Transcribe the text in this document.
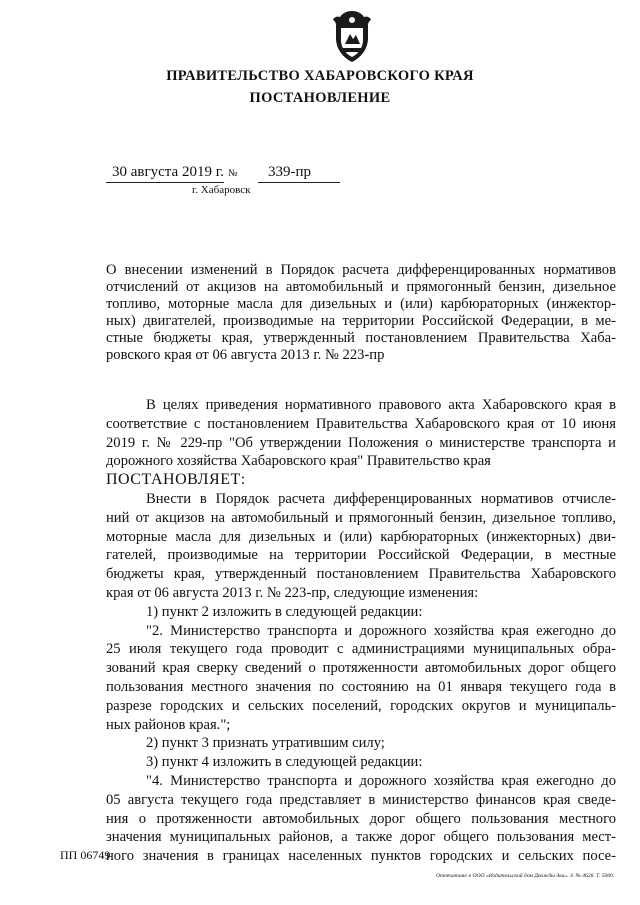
ПРАВИТЕЛЬСТВО ХАБАРОВСКОГО КРАЯ
ПОСТАНОВЛЕНИЕ
30 августа 2019 г. № 339-пр
г. Хабаровск

О внесении изменений в Порядок расчета дифференцированных нормативов

отчислений от акцизов на автомобильный и прямогонный бензин, дизельное

топливо, моторные масла для дизельных и (или) карбюраторных (инжектор-

ных) двигателей, производимые на территории Российской Федерации, в ме-

стные бюджеты края, утвержденный постановлением Правительства Хаба-

ровского края от 06 августа 2013 г. № 223-пр

В целях приведения нормативного правового акта Хабаровского края в

соответствие с постановлением Правительства Хабаровского края от 10 июня

2019 г. № 229-пр "Об утверждении Положения о министерстве транспорта и

дорожного хозяйства Хабаровского края" Правительство края

ПОСТАНОВЛЯЕТ:

Внести в Порядок расчета дифференцированных нормативов отчисле-

ний от акцизов на автомобильный и прямогонный бензин, дизельное топливо,

моторные масла для дизельных и (или) карбюраторных (инжекторных) дви-

гателей, производимые на территории Российской Федерации, в местные

бюджеты края, утвержденный постановлением Правительства Хабаровского

края от 06 августа 2013 г. № 223-пр, следующие изменения:

1) пункт 2 изложить в следующей редакции:

"2. Министерство транспорта и дорожного хозяйства края ежегодно до

25 июля текущего года проводит с администрациями муниципальных обра-

зований края сверку сведений о протяженности автомобильных дорог общего

пользования местного значения по состоянию на 01 января текущего года в

разрезе городских и сельских поселений, городских округов и муниципаль-

ных районов края.";

2) пункт 3 признать утратившим силу;

3) пункт 4 изложить в следующей редакции:

"4. Министерство транспорта и дорожного хозяйства края ежегодно до

05 августа текущего года представляет в министерство финансов края сведе-

ния о протяженности автомобильных дорог общего пользования местного

значения муниципальных районов, а также дорог общего пользования мест-

ного значения в границах населенных пунктов городских и сельских посе-

ПП 06749
Отпечатано в ООО «Издательский дом Дважды два». З. № 4626. Т. 5000.
